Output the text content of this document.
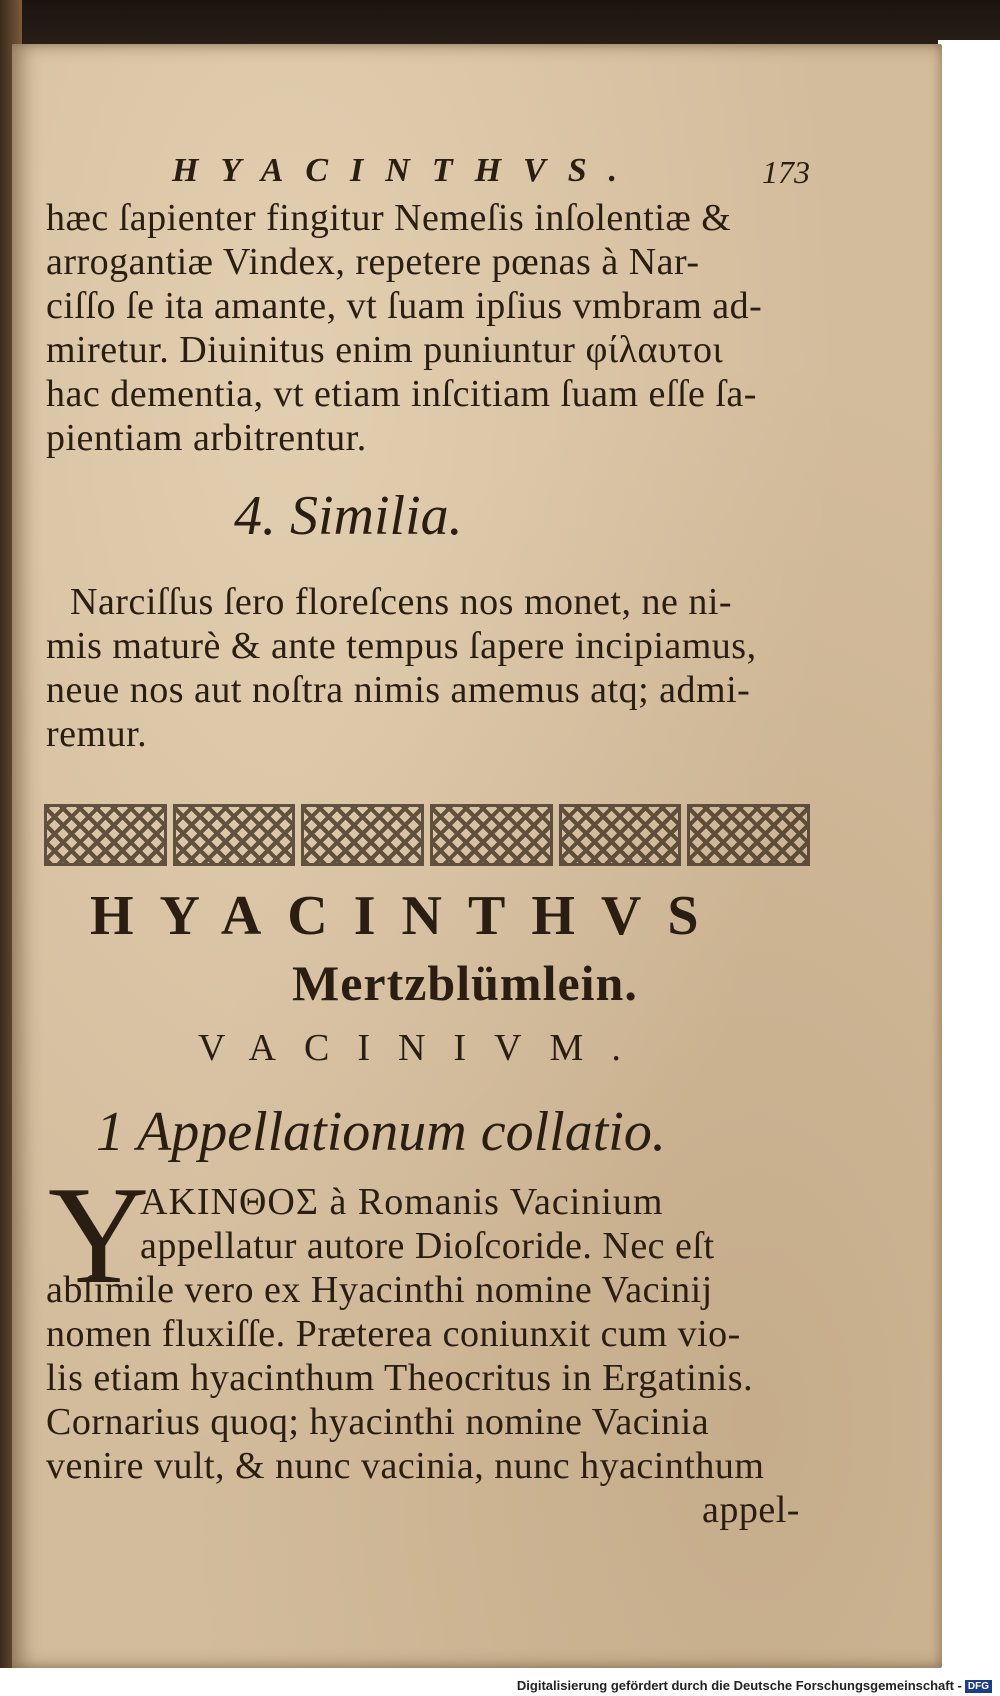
HYACINTHVS.	173
hæc ſapienter fingitur Nemeſis inſolentiæ &
arrogantiæ Vindex, repetere pœnas à Nar-
ciſſo ſe ita amante, vt ſuam ipſius vmbram ad-
miretur. Diuinitus enim puniuntur φίλαυτοι
hac dementia, vt etiam inſcitiam ſuam eſſe ſa-
pientiam arbitrentur.
4. Similia.
Narciſſus ſero floreſcens nos monet, ne ni-
mis maturè & ante tempus ſapere incipiamus,
neue nos aut noſtra nimis amemus atq; admi-
remur.
HYACINTHVS
Mertzblümlein.
VACINIVM.
1 Appellationum collatio.
Y
AKINΘOΣ à Romanis Vacinium
appellatur autore Dioſcoride. Nec eſt
abſimile vero ex Hyacinthi nomine Vacinij
nomen fluxiſſe. Præterea coniunxit cum vio-
lis etiam hyacinthum Theocritus in Ergatinis.
Cornarius quoq; hyacinthi nomine Vacinia
venire vult, & nunc vacinia, nunc hyacinthum
appel-
Digitalisierung gefördert durch die Deutsche Forschungsgemeinschaft - DFG
